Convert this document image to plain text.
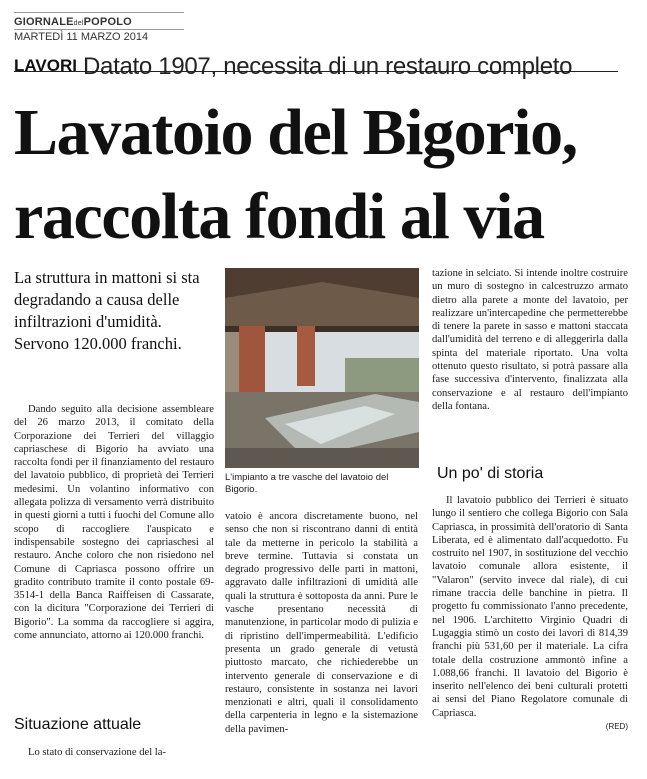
GIORNALEdelPOPOLO
MARTEDÌ 11 MARZO 2014
LAVORI Datato 1907, necessita di un restauro completo
Lavatoio del Bigorio,
raccolta fondi al via
La struttura in mattoni si sta degradando a causa delle infiltrazioni d'umidità. Servono 120.000 franchi.

Dando seguito alla decisione assembleare del 26 marzo 2013, il comitato della Corporazione dei Terrieri del villaggio capriaschese di Bigorio ha avviato una raccolta fondi per il finanziamento del restauro del lavatoio pubblico, di proprietà dei Terrieri medesimi. Un volantino informativo con allegata polizza di versamento verrà distribuito in questi giorni a tutti i fuochi del Comune allo scopo di raccogliere l'auspicato e indispensabile sostegno dei capriaschesi al restauro. Anche coloro che non risiedono nel Comune di Capriasca possono offrire un gradito contributo tramite il conto postale 69-3514-1 della Banca Raiffeisen di Cassarate, con la dicitura "Corporazione dei Terrieri di Bigorio". La somma da raccogliere si aggira, come annunciato, attorno ai 120.000 franchi.

Situazione attuale

Lo stato di conservazione del la-

L'impianto a tre vasche del lavatoio del Bigorio.

vatoio è ancora discretamente buono, nel senso che non si riscontrano danni di entità tale da metterne in pericolo la stabilità a breve termine. Tuttavia si constata un degrado progressivo delle parti in mattoni, aggravato dalle infiltrazioni di umidità alle quali la struttura è sottoposta da anni. Pure le vasche presentano necessità di manutenzione, in particolar modo di pulizia e di ripristino dell'impermeabilità. L'edificio presenta un grado generale di vetustà piuttosto marcato, che richiederebbe un intervento generale di conservazione e di restauro, consistente in sostanza nei lavori menzionati e altri, quali il consolidamento della carpenteria in legno e la sistemazione della pavimen-

tazione in selciato. Si intende inoltre costruire un muro di sostegno in calcestruzzo armato dietro alla parete a monte del lavatoio, per realizzare un'intercapedine che permetterebbe di tenere la parete in sasso e mattoni staccata dall'umidità del terreno e di alleggerirla dalla spinta del materiale riportato. Una volta ottenuto questo risultato, si potrà passare alla fase successiva d'intervento, finalizzata alla conservazione e al restauro dell'impianto della fontana.

Un po' di storia

Il lavatoio pubblico dei Terrieri è situato lungo il sentiero che collega Bigorio con Sala Capriasca, in prossimità dell'oratorio di Santa Liberata, ed è alimentato dall'acquedotto. Fu costruito nel 1907, in sostituzione del vecchio lavatoio comunale allora esistente, il "Valaron" (servito invece dal riale), di cui rimane traccia delle banchine in pietra. Il progetto fu commissionato l'anno precedente, nel 1906. L'architetto Virginio Quadri di Lugaggia stimò un costo dei lavori di 814,39 franchi più 531,60 per il materiale. La cifra totale della costruzione ammontò infine a 1.088,66 franchi. Il lavatoio del Bigorio è inserito nell'elenco dei beni culturali protetti ai sensi del Piano Regolatore comunale di Capriasca.

(RED)
